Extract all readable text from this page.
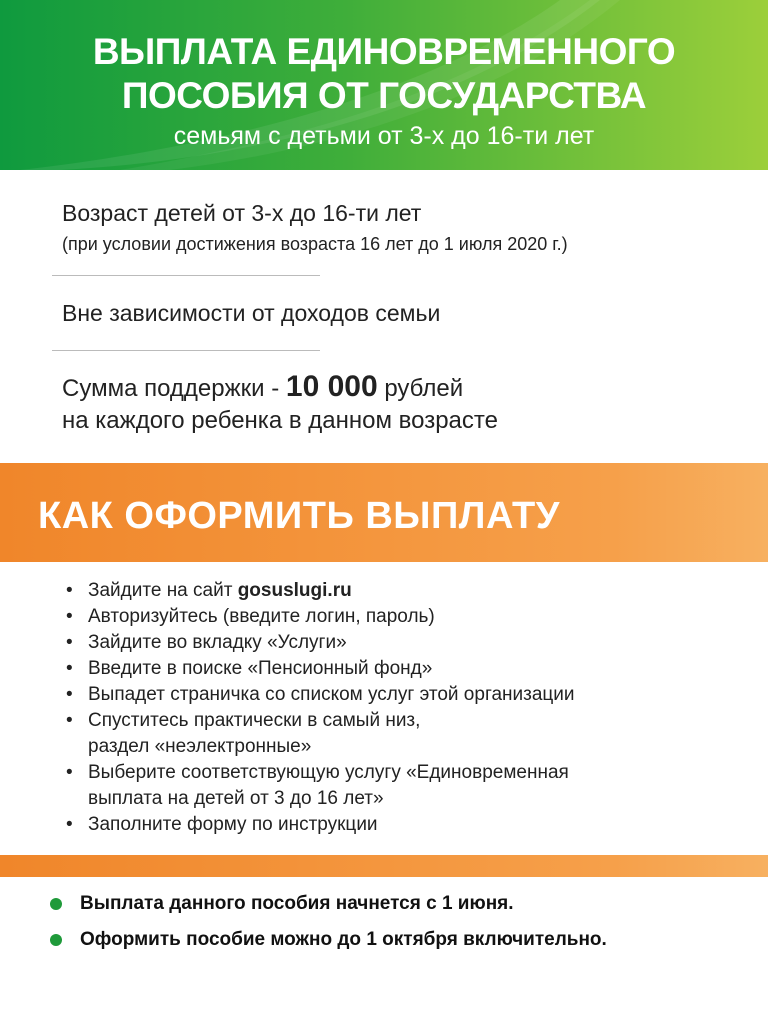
ВЫПЛАТА ЕДИНОВРЕМЕННОГО
ПОСОБИЯ ОТ ГОСУДАРСТВА
семьям с детьми от 3-х до 16-ти лет
Возраст детей от 3-х до 16-ти лет
(при условии достижения возраста 16 лет до 1 июля 2020 г.)
Вне зависимости от доходов семьи
Сумма поддержки - 10 000 рублей
на каждого ребенка в данном возрасте
КАК ОФОРМИТЬ ВЫПЛАТУ
• Зайдите на сайт gosuslugi.ru
• Авторизуйтесь (введите логин, пароль)
• Зайдите во вкладку «Услуги»
• Введите в поиске «Пенсионный фонд»
• Выпадет страничка со списком услуг этой организации
• Спуститесь практически в самый низ,
раздел «неэлектронные»
• Выберите соответствующую услугу «Единовременная
выплата на детей от 3 до 16 лет»
• Заполните форму по инструкции
Выплата данного пособия начнется с 1 июня.
Оформить пособие можно до 1 октября включительно.
